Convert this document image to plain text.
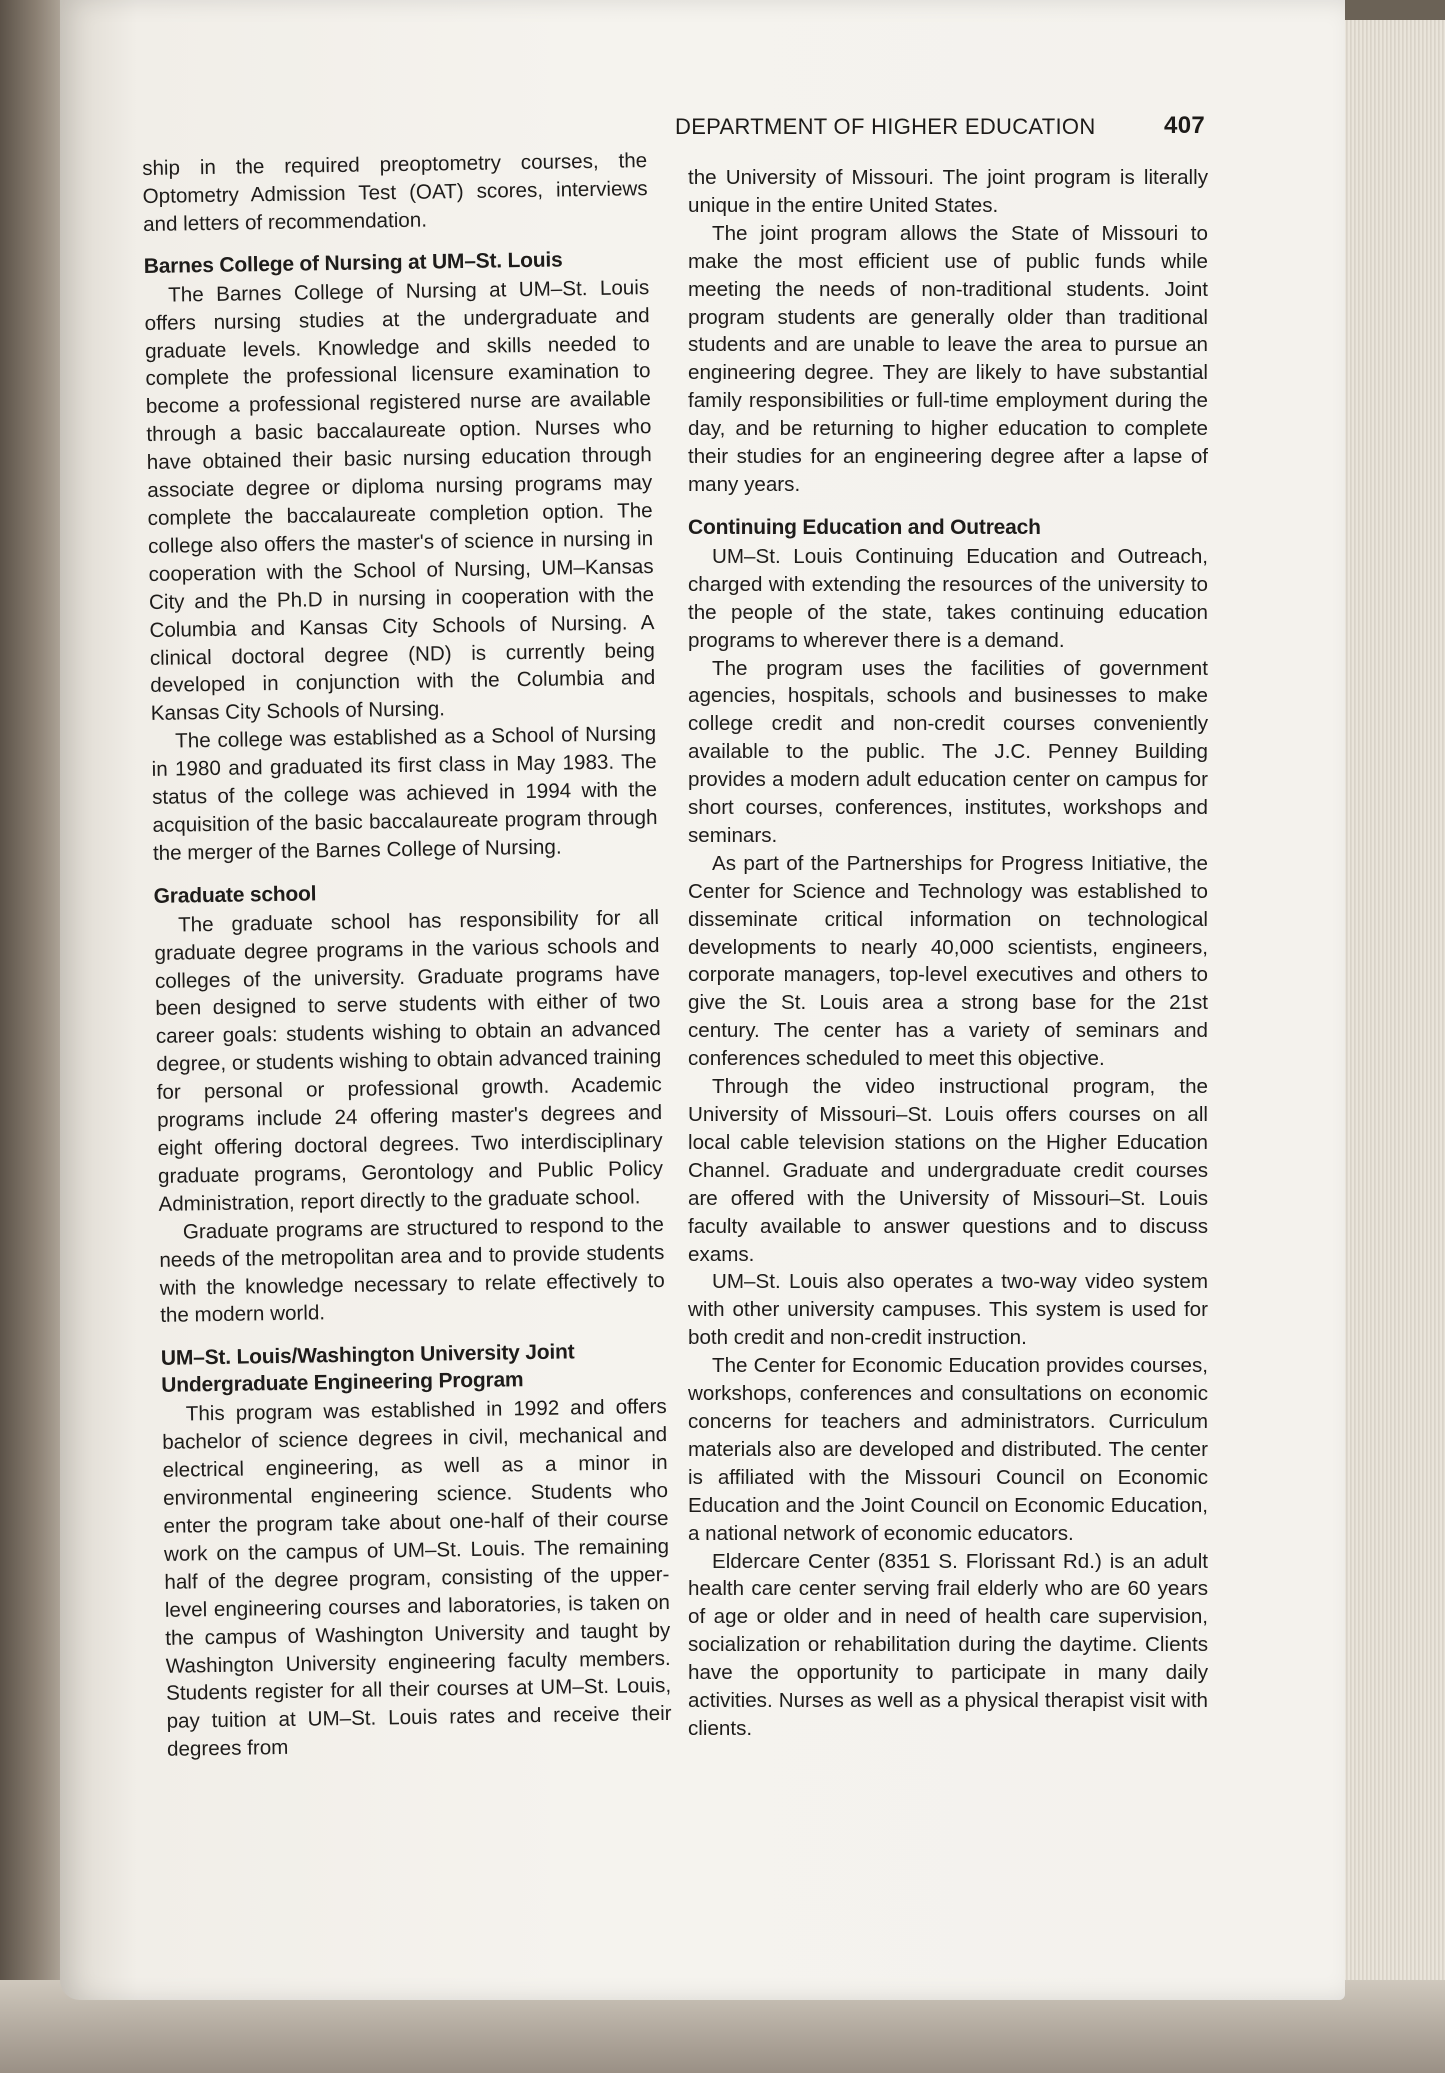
DEPARTMENT OF HIGHER EDUCATION	407

ship in the required preoptometry courses, the Optometry Admission Test (OAT) scores, interviews and letters of recommendation.

Barnes College of Nursing at UM–St. Louis

The Barnes College of Nursing at UM–St. Louis offers nursing studies at the undergraduate and graduate levels. Knowledge and skills needed to complete the professional licensure examination to become a professional registered nurse are available through a basic baccalaureate option. Nurses who have obtained their basic nursing education through associate degree or diploma nursing programs may complete the baccalaureate completion option. The college also offers the master's of science in nursing in cooperation with the School of Nursing, UM–Kansas City and the Ph.D in nursing in cooperation with the Columbia and Kansas City Schools of Nursing. A clinical doctoral degree (ND) is currently being developed in conjunction with the Columbia and Kansas City Schools of Nursing.

The college was established as a School of Nursing in 1980 and graduated its first class in May 1983. The status of the college was achieved in 1994 with the acquisition of the basic baccalaureate program through the merger of the Barnes College of Nursing.

Graduate school

The graduate school has responsibility for all graduate degree programs in the various schools and colleges of the university. Graduate programs have been designed to serve students with either of two career goals: students wishing to obtain an advanced degree, or students wishing to obtain advanced training for personal or professional growth. Academic programs include 24 offering master's degrees and eight offering doctoral degrees. Two interdisciplinary graduate programs, Gerontology and Public Policy Administration, report directly to the graduate school.

Graduate programs are structured to respond to the needs of the metropolitan area and to provide students with the knowledge necessary to relate effectively to the modern world.

UM–St. Louis/Washington University Joint Undergraduate Engineering Program

This program was established in 1992 and offers bachelor of science degrees in civil, mechanical and electrical engineering, as well as a minor in environmental engineering science. Students who enter the program take about one-half of their course work on the campus of UM–St. Louis. The remaining half of the degree program, consisting of the upper-level engineering courses and laboratories, is taken on the campus of Washington University and taught by Washington University engineering faculty members. Students register for all their courses at UM–St. Louis, pay tuition at UM–St. Louis rates and receive their degrees from

the University of Missouri. The joint program is literally unique in the entire United States.

The joint program allows the State of Missouri to make the most efficient use of public funds while meeting the needs of non-traditional students. Joint program students are generally older than traditional students and are unable to leave the area to pursue an engineering degree. They are likely to have substantial family responsibilities or full-time employment during the day, and be returning to higher education to complete their studies for an engineering degree after a lapse of many years.

Continuing Education and Outreach

UM–St. Louis Continuing Education and Outreach, charged with extending the resources of the university to the people of the state, takes continuing education programs to wherever there is a demand.

The program uses the facilities of government agencies, hospitals, schools and businesses to make college credit and non-credit courses conveniently available to the public. The J.C. Penney Building provides a modern adult education center on campus for short courses, conferences, institutes, workshops and seminars.

As part of the Partnerships for Progress Initiative, the Center for Science and Technology was established to disseminate critical information on technological developments to nearly 40,000 scientists, engineers, corporate managers, top-level executives and others to give the St. Louis area a strong base for the 21st century. The center has a variety of seminars and conferences scheduled to meet this objective.

Through the video instructional program, the University of Missouri–St. Louis offers courses on all local cable television stations on the Higher Education Channel. Graduate and undergraduate credit courses are offered with the University of Missouri–St. Louis faculty available to answer questions and to discuss exams.

UM–St. Louis also operates a two-way video system with other university campuses. This system is used for both credit and non-credit instruction.

The Center for Economic Education provides courses, workshops, conferences and consultations on economic concerns for teachers and administrators. Curriculum materials also are developed and distributed. The center is affiliated with the Missouri Council on Economic Education and the Joint Council on Economic Education, a national network of economic educators.

Eldercare Center (8351 S. Florissant Rd.) is an adult health care center serving frail elderly who are 60 years of age or older and in need of health care supervision, socialization or rehabilitation during the daytime. Clients have the opportunity to participate in many daily activities. Nurses as well as a physical therapist visit with clients.
